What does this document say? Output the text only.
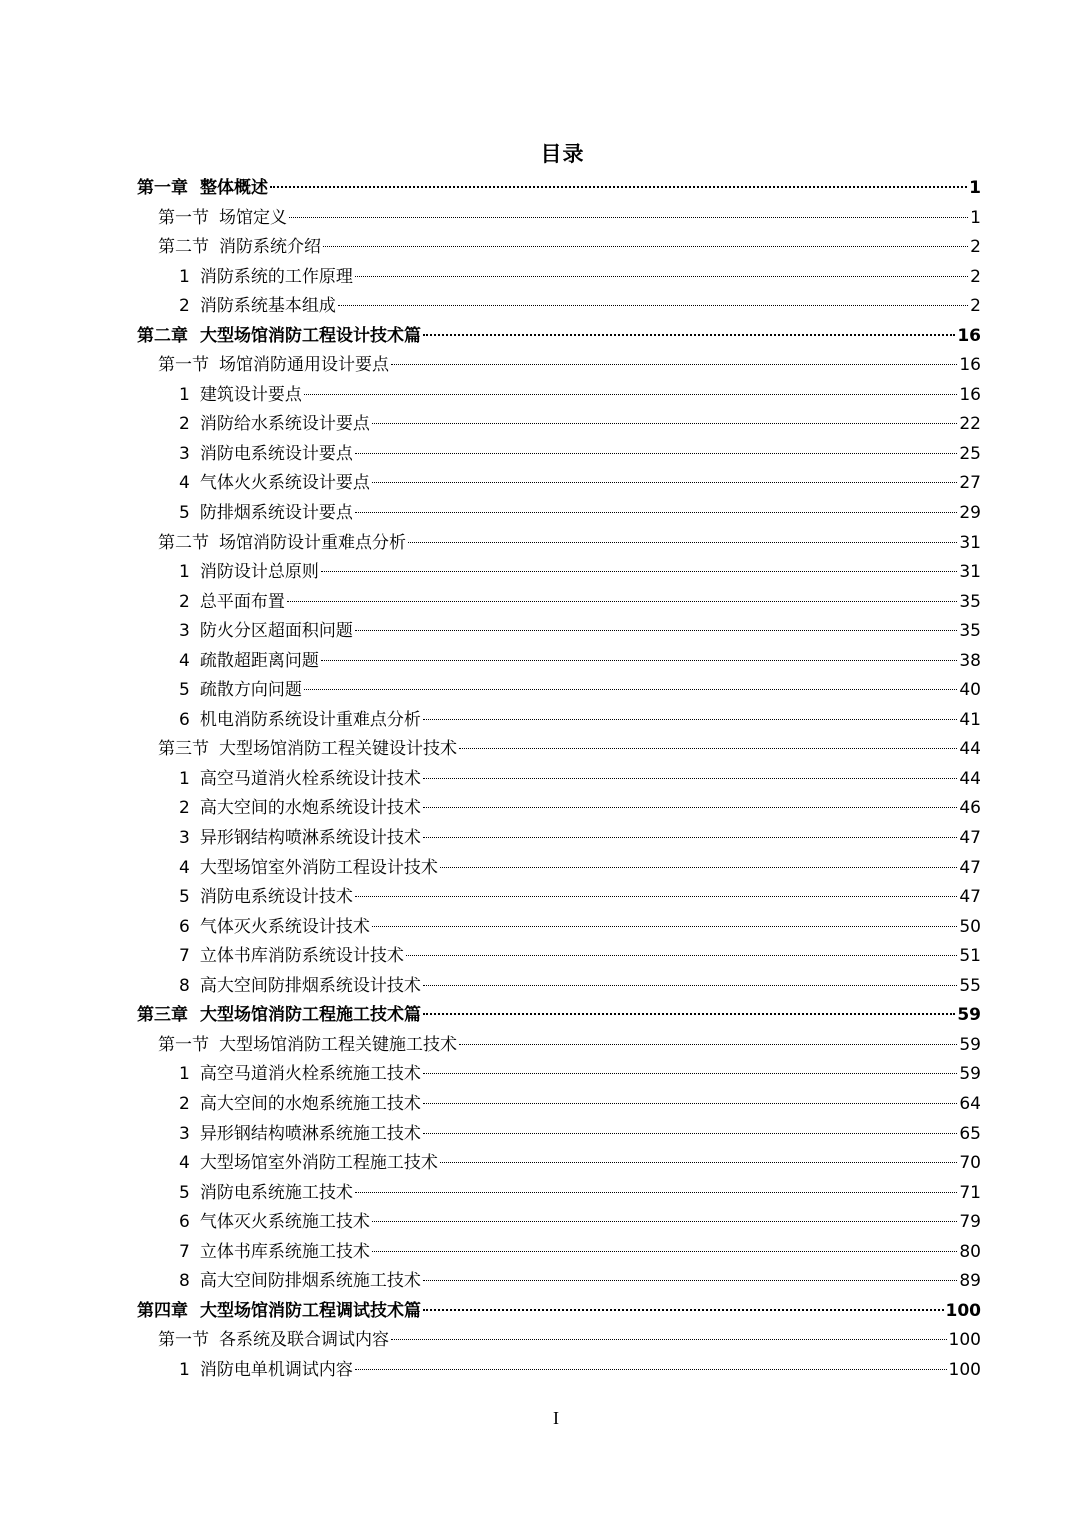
目录
第一章 整体概述	1
第一节 场馆定义	1
第二节 消防系统介绍	2
1 消防系统的工作原理	2
2 消防系统基本组成	2
第二章 大型场馆消防工程设计技术篇	16
第一节 场馆消防通用设计要点	16
1 建筑设计要点	16
2 消防给水系统设计要点	22
3 消防电系统设计要点	25
4 气体火火系统设计要点	27
5 防排烟系统设计要点	29
第二节 场馆消防设计重难点分析	31
1 消防设计总原则	31
2 总平面布置	35
3 防火分区超面积问题	35
4 疏散超距离问题	38
5 疏散方向问题	40
6 机电消防系统设计重难点分析	41
第三节 大型场馆消防工程关键设计技术	44
1 高空马道消火栓系统设计技术	44
2 高大空间的水炮系统设计技术	46
3 异形钢结构喷淋系统设计技术	47
4 大型场馆室外消防工程设计技术	47
5 消防电系统设计技术	47
6 气体灭火系统设计技术	50
7 立体书库消防系统设计技术	51
8 高大空间防排烟系统设计技术	55
第三章 大型场馆消防工程施工技术篇	59
第一节 大型场馆消防工程关键施工技术	59
1 高空马道消火栓系统施工技术	59
2 高大空间的水炮系统施工技术	64
3 异形钢结构喷淋系统施工技术	65
4 大型场馆室外消防工程施工技术	70
5 消防电系统施工技术	71
6 气体灭火系统施工技术	79
7 立体书库系统施工技术	80
8 高大空间防排烟系统施工技术	89
第四章 大型场馆消防工程调试技术篇	100
第一节 各系统及联合调试内容	100
1 消防电单机调试内容	100
I
